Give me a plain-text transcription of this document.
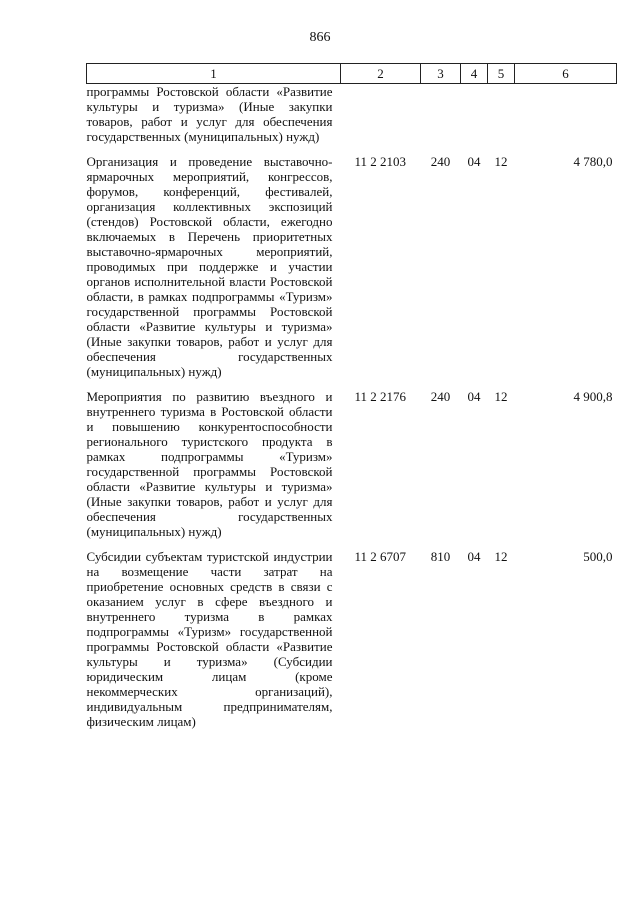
866
1	2	3	4	5	6
программы Ростовской области «Развитие культуры и туризма» (Иные закупки товаров, работ и услуг для обеспечения государственных (муниципальных) нужд)					
Организация и проведение выставочно-ярмарочных мероприятий, конгрессов, форумов, конференций, фестивалей, организация коллективных экспозиций (стендов) Ростовской области, ежегодно включаемых в Перечень приоритетных выставочно-ярмарочных мероприятий, проводимых при поддержке и участии органов исполнительной власти Ростовской области, в рамках подпрограммы «Туризм» государственной программы Ростовской области «Развитие культуры и туризма» (Иные закупки товаров, работ и услуг для обеспечения государственных (муниципальных) нужд)	11 2 2103	240	04	12	4 780,0
Мероприятия по развитию въездного и внутреннего туризма в Ростовской области и повышению конкурентоспособности регионального туристского продукта в рамках подпрограммы «Туризм» государственной программы Ростовской области «Развитие культуры и туризма» (Иные закупки товаров, работ и услуг для обеспечения государственных (муниципальных) нужд)	11 2 2176	240	04	12	4 900,8
Субсидии субъектам туристской индустрии на возмещение части затрат на приобретение основных средств в связи с оказанием услуг в сфере въездного и внутреннего туризма в рамках подпрограммы «Туризм» государственной программы Ростовской области «Развитие культуры и туризма» (Субсидии юридическим лицам (кроме некоммерческих организаций), индивидуальным предпринимателям, физическим лицам)	11 2 6707	810	04	12	500,0
